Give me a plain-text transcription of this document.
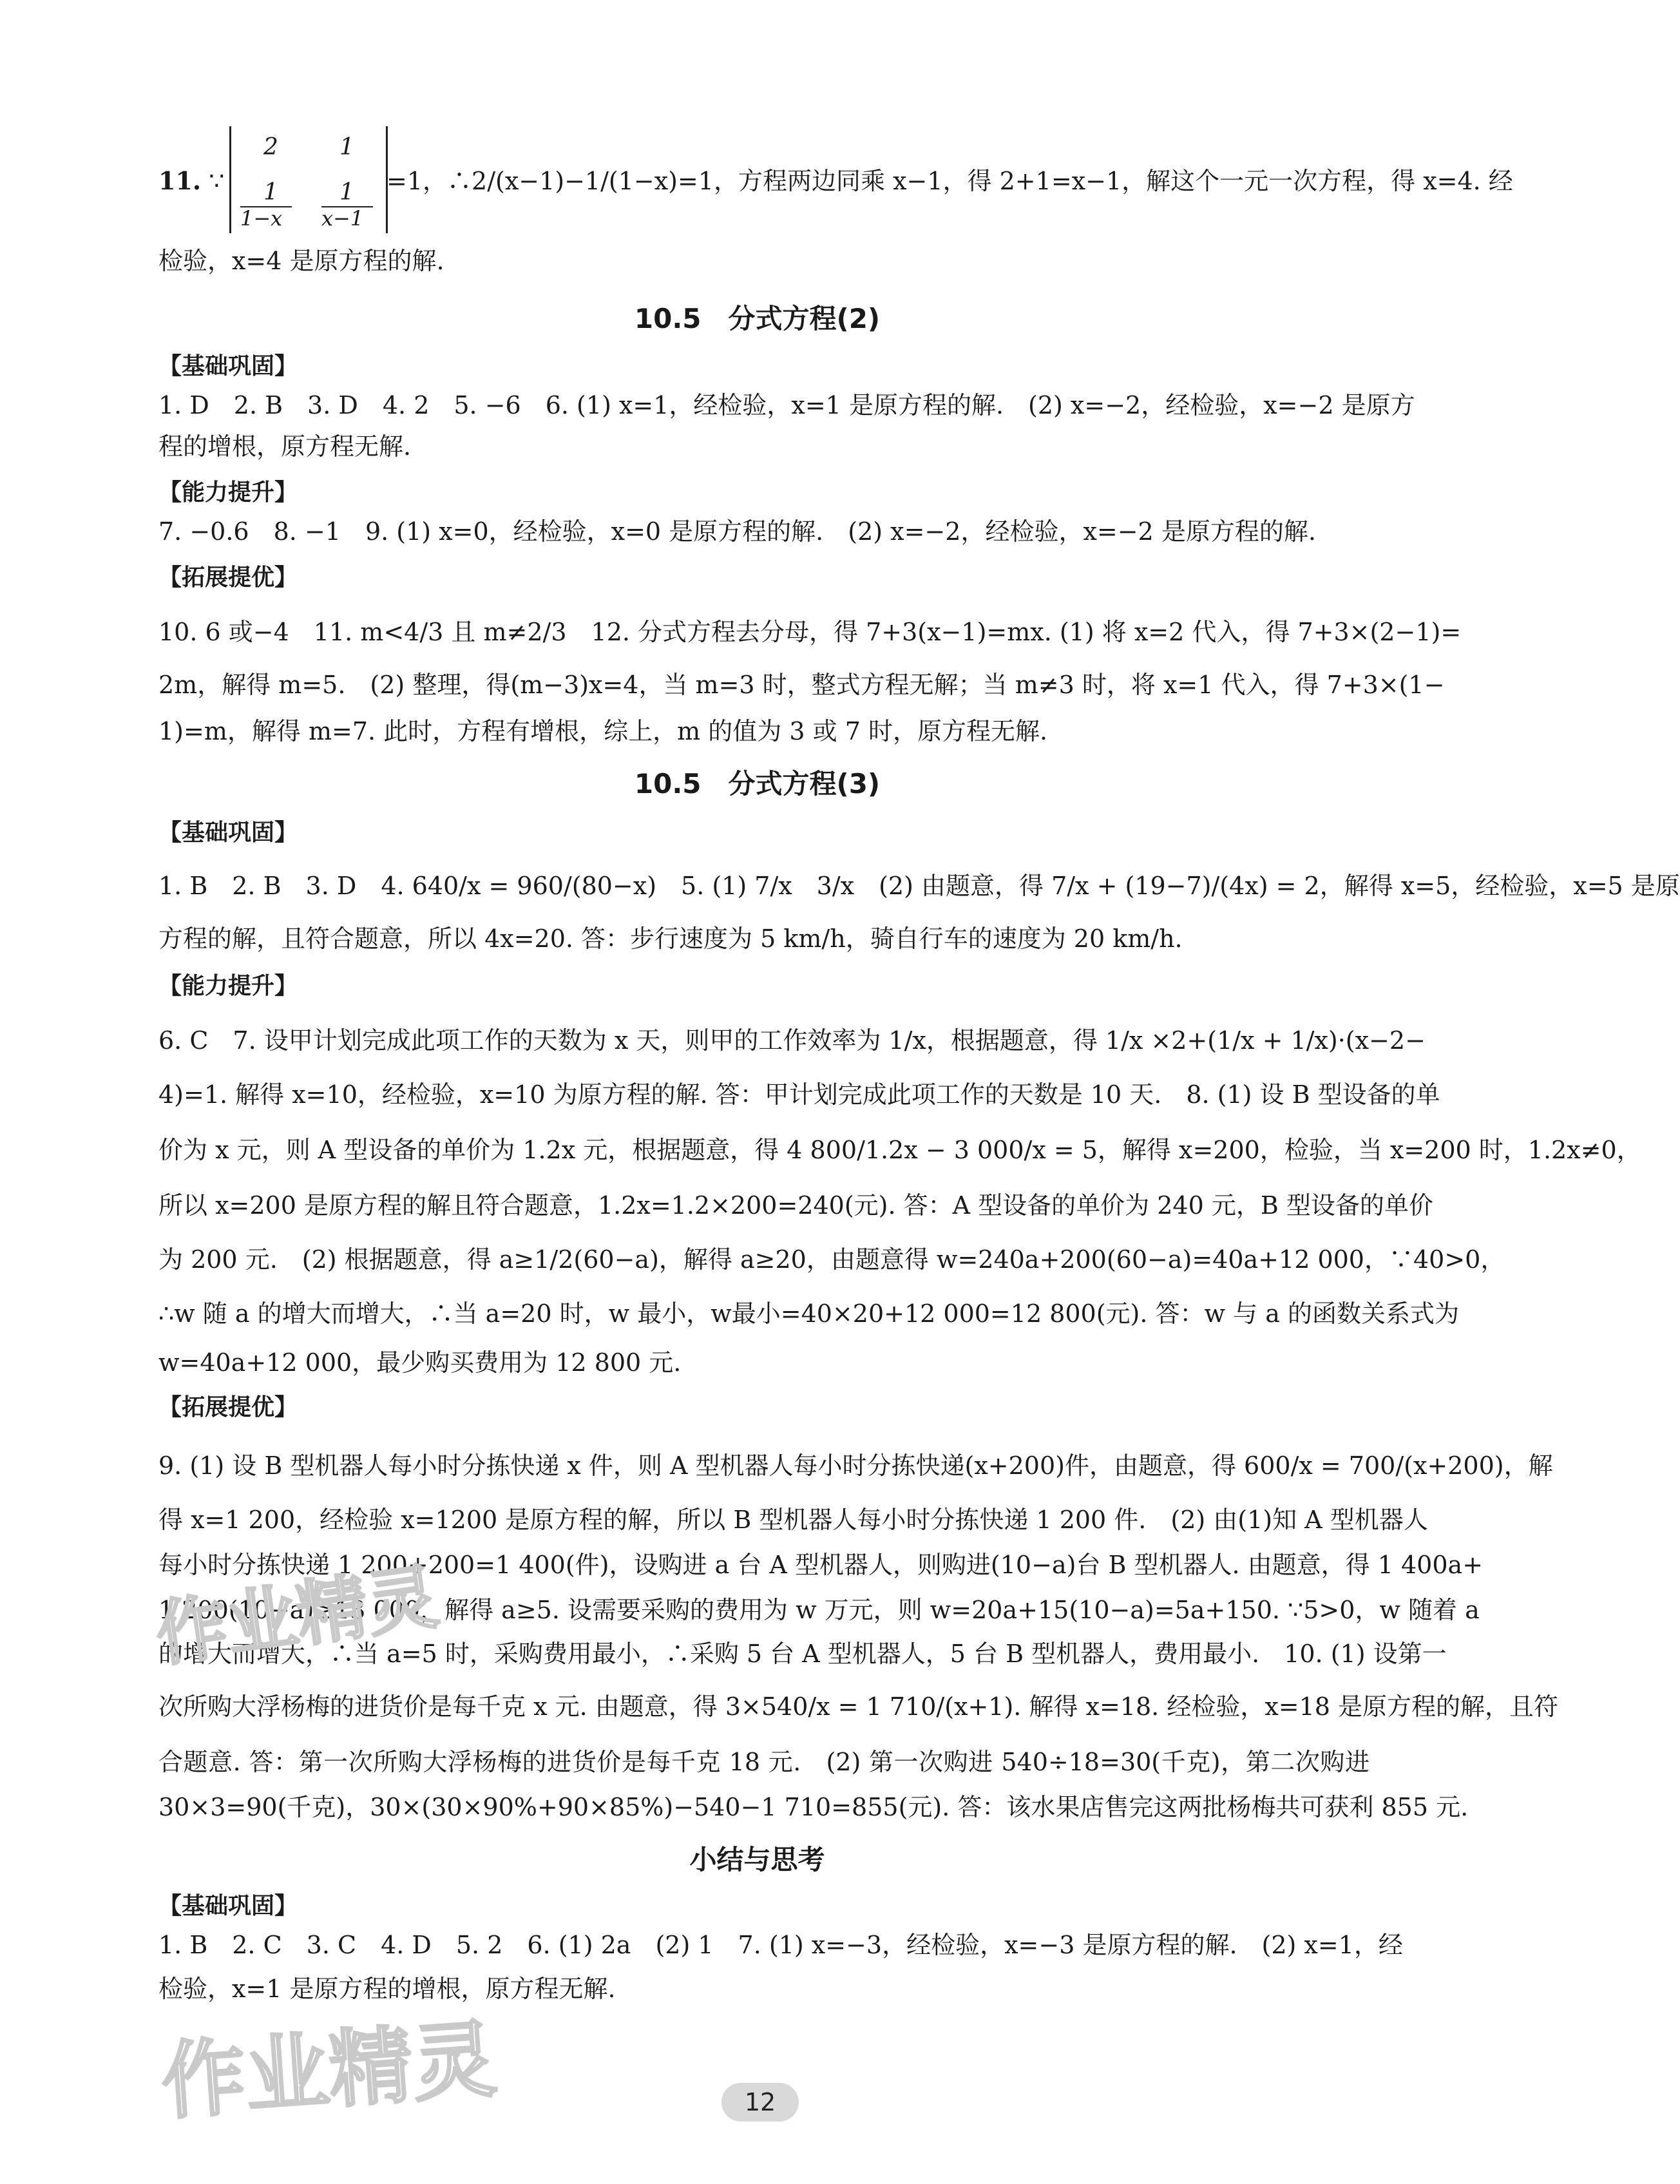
11. ∵
2	1
1
1−x
1
x−1
=1，∴2/(x−1)−1/(1−x)=1，方程两边同乘 x−1，得 2+1=x−1，解这个一元一次方程，得 x=4. 经
检验，x=4 是原方程的解.
10.5　分式方程(2)
【基础巩固】
1. D　2. B　3. D　4. 2　5. −6　6. (1) x=1，经检验，x=1 是原方程的解.　(2) x=−2，经检验，x=−2 是原方
程的增根，原方程无解.
【能力提升】
7. −0.6　8. −1　9. (1) x=0，经检验，x=0 是原方程的解.　(2) x=−2，经检验，x=−2 是原方程的解.
【拓展提优】
10. 6 或−4　11. m<4/3 且 m≠2/3　12. 分式方程去分母，得 7+3(x−1)=mx. (1) 将 x=2 代入，得 7+3×(2−1)=
2m，解得 m=5.　(2) 整理，得(m−3)x=4，当 m=3 时，整式方程无解；当 m≠3 时，将 x=1 代入，得 7+3×(1−
1)=m，解得 m=7. 此时，方程有增根，综上，m 的值为 3 或 7 时，原方程无解.
10.5　分式方程(3)
【基础巩固】
1. B　2. B　3. D　4. 640/x = 960/(80−x)　5. (1) 7/x　3/x　(2) 由题意，得 7/x + (19−7)/(4x) = 2，解得 x=5，经检验，x=5 是原
方程的解，且符合题意，所以 4x=20. 答：步行速度为 5 km/h，骑自行车的速度为 20 km/h.
【能力提升】
6. C　7. 设甲计划完成此项工作的天数为 x 天，则甲的工作效率为 1/x，根据题意，得 1/x ×2+(1/x + 1/x)·(x−2−
4)=1. 解得 x=10，经检验，x=10 为原方程的解. 答：甲计划完成此项工作的天数是 10 天.　8. (1) 设 B 型设备的单
价为 x 元，则 A 型设备的单价为 1.2x 元，根据题意，得 4 800/1.2x − 3 000/x = 5，解得 x=200，检验，当 x=200 时，1.2x≠0，
所以 x=200 是原方程的解且符合题意，1.2x=1.2×200=240(元). 答：A 型设备的单价为 240 元，B 型设备的单价
为 200 元.　(2) 根据题意，得 a≥1/2(60−a)，解得 a≥20，由题意得 w=240a+200(60−a)=40a+12 000，∵40>0，
∴w 随 a 的增大而增大，∴当 a=20 时，w 最小，w最小=40×20+12 000=12 800(元). 答：w 与 a 的函数关系式为
w=40a+12 000，最少购买费用为 12 800 元.
【拓展提优】
9. (1) 设 B 型机器人每小时分拣快递 x 件，则 A 型机器人每小时分拣快递(x+200)件，由题意，得 600/x = 700/(x+200)，解
得 x=1 200，经检验 x=1200 是原方程的解，所以 B 型机器人每小时分拣快递 1 200 件.　(2) 由(1)知 A 型机器人
每小时分拣快递 1 200+200=1 400(件)，设购进 a 台 A 型机器人，则购进(10−a)台 B 型机器人. 由题意，得 1 400a+
1 200(10−a)≥13 000，解得 a≥5. 设需要采购的费用为 w 万元，则 w=20a+15(10−a)=5a+150. ∵5>0，w 随着 a
的增大而增大，∴当 a=5 时，采购费用最小，∴采购 5 台 A 型机器人，5 台 B 型机器人，费用最小.　10. (1) 设第一
次所购大浮杨梅的进货价是每千克 x 元. 由题意，得 3×540/x = 1 710/(x+1). 解得 x=18. 经检验，x=18 是原方程的解，且符
合题意. 答：第一次所购大浮杨梅的进货价是每千克 18 元.　(2) 第一次购进 540÷18=30(千克)，第二次购进
30×3=90(千克)，30×(30×90%+90×85%)−540−1 710=855(元). 答：该水果店售完这两批杨梅共可获利 855 元.
小结与思考
【基础巩固】
1. B　2. C　3. C　4. D　5. 2　6. (1) 2a　(2) 1　7. (1) x=−3，经检验，x=−3 是原方程的解.　(2) x=1，经
检验，x=1 是原方程的增根，原方程无解.
作业精灵
作业精灵	12
